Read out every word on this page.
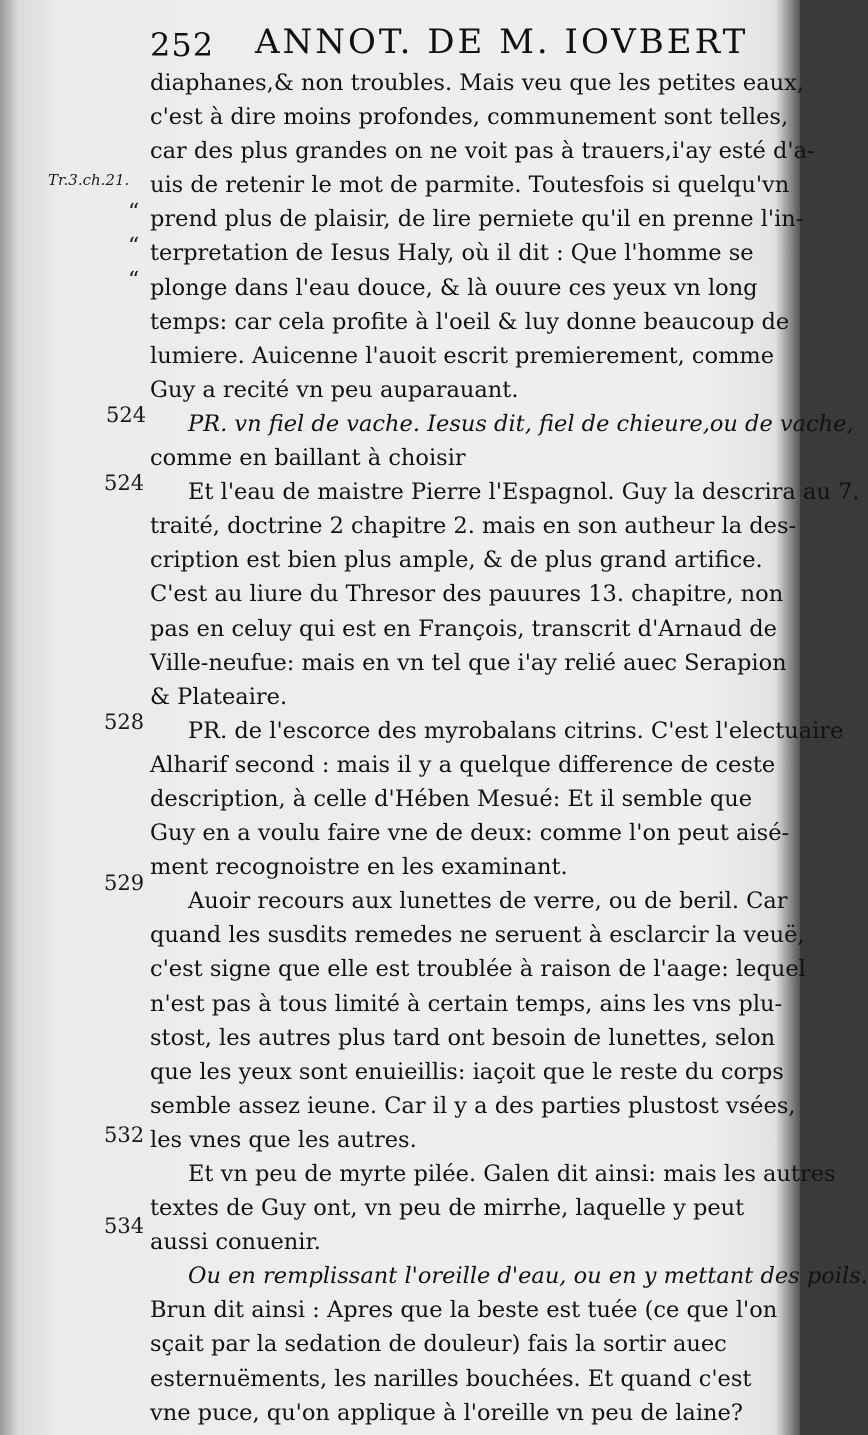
252 ANNOT. DE M. IOVBERT
Tr.3.ch.21.
“
“
“
524
524
528
529
532
534
diaphanes,& non troubles. Mais veu que les petites eaux,
c'est à dire moins profondes, communement sont telles,
car des plus grandes on ne voit pas à trauers,i'ay esté d'a-
uis de retenir le mot de parmite. Toutesfois si quelqu'vn
prend plus de plaisir, de lire perniete qu'il en prenne l'in-
terpretation de Iesus Haly, où il dit : Que l'homme se
plonge dans l'eau douce, & là ouure ces yeux vn long
temps: car cela profite à l'oeil & luy donne beaucoup de
lumiere. Auicenne l'auoit escrit premierement, comme
Guy a recité vn peu auparauant.
PR. vn fiel de vache. Iesus dit, fiel de chieure,ou de vache,
comme en baillant à choisir
Et l'eau de maistre Pierre l'Espagnol. Guy la descrira au 7.
traité, doctrine 2 chapitre 2. mais en son autheur la des-
cription est bien plus ample, & de plus grand artifice.
C'est au liure du Thresor des pauures 13. chapitre, non
pas en celuy qui est en François, transcrit d'Arnaud de
Ville-neufue: mais en vn tel que i'ay relié auec Serapion
& Plateaire.
PR. de l'escorce des myrobalans citrins. C'est l'electuaire
Alharif second : mais il y a quelque difference de ceste
description, à celle d'Hében Mesué: Et il semble que
Guy en a voulu faire vne de deux: comme l'on peut aisé-
ment recognoistre en les examinant.
Auoir recours aux lunettes de verre, ou de beril. Car
quand les susdits remedes ne seruent à esclarcir la veuë,
c'est signe que elle est troublée à raison de l'aage: lequel
n'est pas à tous limité à certain temps, ains les vns plu-
stost, les autres plus tard ont besoin de lunettes, selon
que les yeux sont enuieillis: iaçoit que le reste du corps
semble assez ieune. Car il y a des parties plustost vsées,
les vnes que les autres.
Et vn peu de myrte pilée. Galen dit ainsi: mais les autres
textes de Guy ont, vn peu de mirrhe, laquelle y peut
aussi conuenir.
Ou en remplissant l'oreille d'eau, ou en y mettant des poils.
Brun dit ainsi : Apres que la beste est tuée (ce que l'on
sçait par la sedation de douleur) fais la sortir auec
esternuëments, les narilles bouchées. Et quand c'est
vne puce, qu'on applique à l'oreille vn peu de laine?
